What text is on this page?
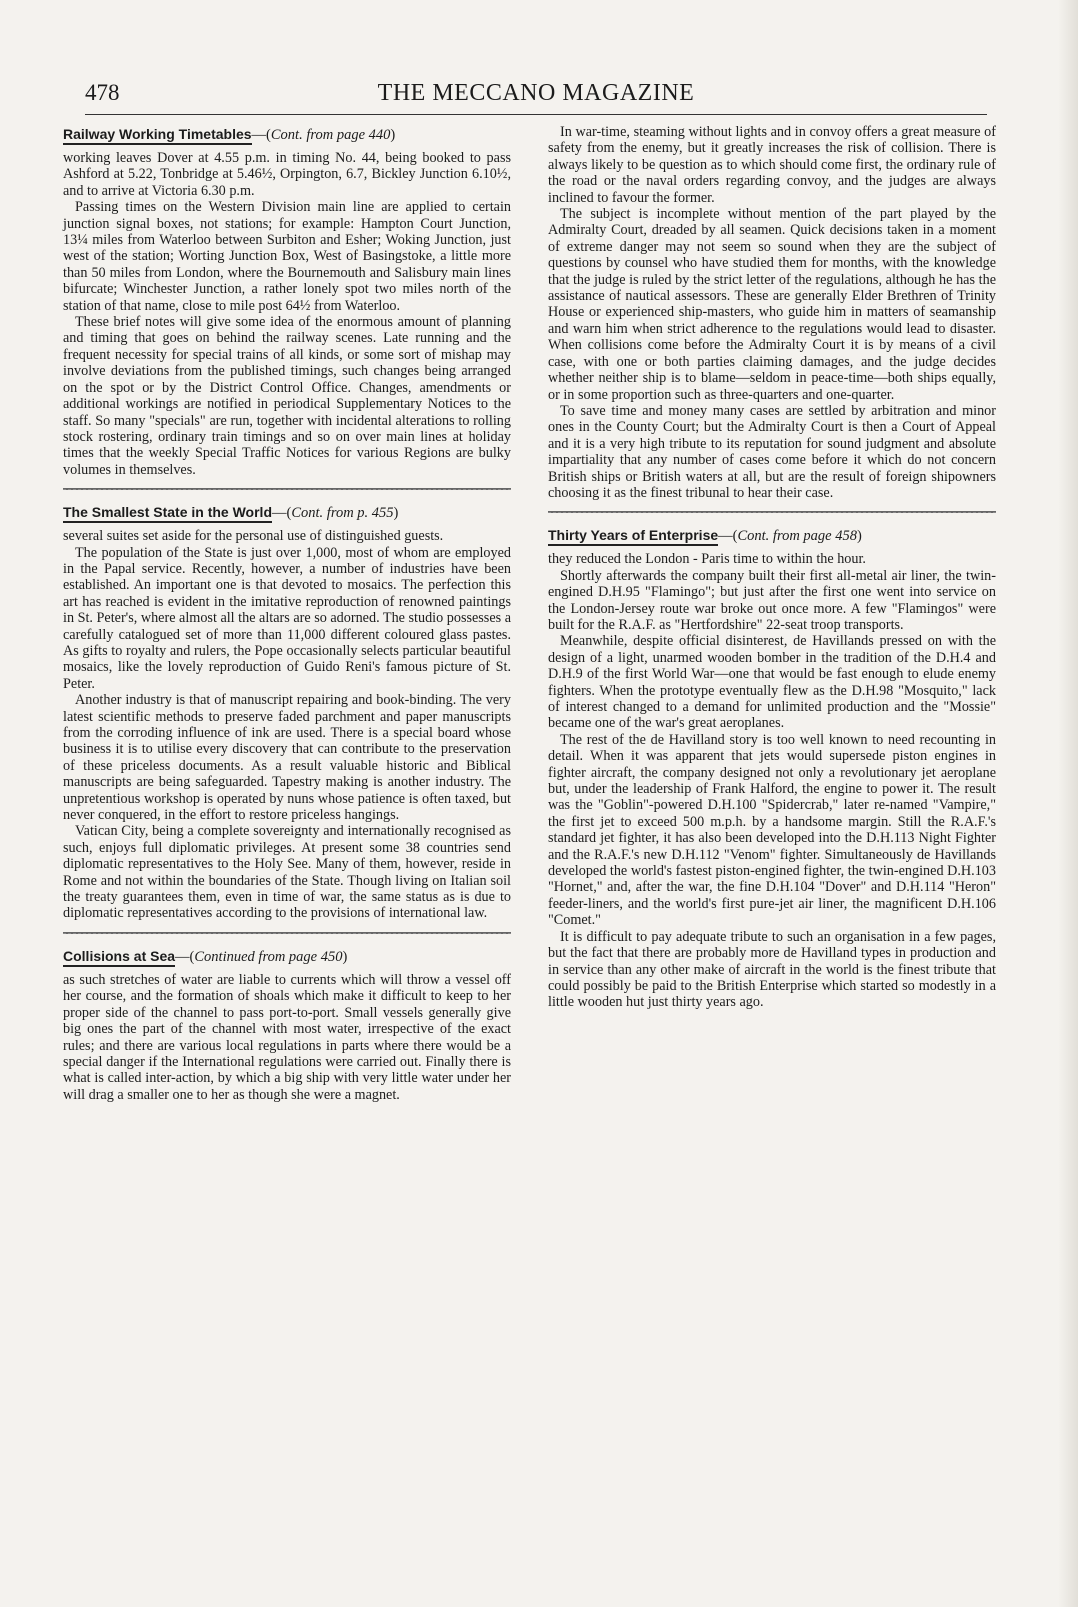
478	THE MECCANO MAGAZINE
Railway Working Timetables—(Cont. from page 440)

working leaves Dover at 4.55 p.m. in timing No. 44, being booked to pass Ashford at 5.22, Tonbridge at 5.46½, Orpington, 6.7, Bickley Junction 6.10½, and to arrive at Victoria 6.30 p.m.

Passing times on the Western Division main line are applied to certain junction signal boxes, not stations; for example: Hampton Court Junction, 13¼ miles from Waterloo between Surbiton and Esher; Woking Junction, just west of the station; Worting Junction Box, West of Basingstoke, a little more than 50 miles from London, where the Bournemouth and Salisbury main lines bifurcate; Winchester Junction, a rather lonely spot two miles north of the station of that name, close to mile post 64½ from Waterloo.

These brief notes will give some idea of the enormous amount of planning and timing that goes on behind the railway scenes. Late running and the frequent necessity for special trains of all kinds, or some sort of mishap may involve deviations from the published timings, such changes being arranged on the spot or by the District Control Office. Changes, amendments or additional workings are notified in periodical Supplementary Notices to the staff. So many "specials" are run, together with incidental alterations to rolling stock rostering, ordinary train timings and so on over main lines at holiday times that the weekly Special Traffic Notices for various Regions are bulky volumes in themselves.

The Smallest State in the World—(Cont. from p. 455)

several suites set aside for the personal use of distinguished guests.

The population of the State is just over 1,000, most of whom are employed in the Papal service. Recently, however, a number of industries have been established. An important one is that devoted to mosaics. The perfection this art has reached is evident in the imitative reproduction of renowned paintings in St. Peter's, where almost all the altars are so adorned. The studio possesses a carefully catalogued set of more than 11,000 different coloured glass pastes. As gifts to royalty and rulers, the Pope occasionally selects particular beautiful mosaics, like the lovely reproduction of Guido Reni's famous picture of St. Peter.

Another industry is that of manuscript repairing and book-binding. The very latest scientific methods to preserve faded parchment and paper manuscripts from the corroding influence of ink are used. There is a special board whose business it is to utilise every discovery that can contribute to the preservation of these priceless documents. As a result valuable historic and Biblical manuscripts are being safeguarded. Tapestry making is another industry. The unpretentious workshop is operated by nuns whose patience is often taxed, but never conquered, in the effort to restore priceless hangings.

Vatican City, being a complete sovereignty and internationally recognised as such, enjoys full diplomatic privileges. At present some 38 countries send diplomatic representatives to the Holy See. Many of them, however, reside in Rome and not within the boundaries of the State. Though living on Italian soil the treaty guarantees them, even in time of war, the same status as is due to diplomatic representatives according to the provisions of international law.

Collisions at Sea—(Continued from page 450)

as such stretches of water are liable to currents which will throw a vessel off her course, and the formation of shoals which make it difficult to keep to her proper side of the channel to pass port-to-port. Small vessels generally give big ones the part of the channel with most water, irrespective of the exact rules; and there are various local regulations in parts where there would be a special danger if the International regulations were carried out. Finally there is what is called inter-action, by which a big ship with very little water under her will drag a smaller one to her as though she were a magnet.

In war-time, steaming without lights and in convoy offers a great measure of safety from the enemy, but it greatly increases the risk of collision. There is always likely to be question as to which should come first, the ordinary rule of the road or the naval orders regarding convoy, and the judges are always inclined to favour the former.

The subject is incomplete without mention of the part played by the Admiralty Court, dreaded by all seamen. Quick decisions taken in a moment of extreme danger may not seem so sound when they are the subject of questions by counsel who have studied them for months, with the knowledge that the judge is ruled by the strict letter of the regulations, although he has the assistance of nautical assessors. These are generally Elder Brethren of Trinity House or experienced ship-masters, who guide him in matters of seamanship and warn him when strict adherence to the regulations would lead to disaster. When collisions come before the Admiralty Court it is by means of a civil case, with one or both parties claiming damages, and the judge decides whether neither ship is to blame—seldom in peace-time—both ships equally, or in some proportion such as three-quarters and one-quarter.

To save time and money many cases are settled by arbitration and minor ones in the County Court; but the Admiralty Court is then a Court of Appeal and it is a very high tribute to its reputation for sound judgment and absolute impartiality that any number of cases come before it which do not concern British ships or British waters at all, but are the result of foreign shipowners choosing it as the finest tribunal to hear their case.

Thirty Years of Enterprise—(Cont. from page 458)

they reduced the London - Paris time to within the hour.

Shortly afterwards the company built their first all-metal air liner, the twin-engined D.H.95 "Flamingo"; but just after the first one went into service on the London-Jersey route war broke out once more. A few "Flamingos" were built for the R.A.F. as "Hertfordshire" 22-seat troop transports.

Meanwhile, despite official disinterest, de Havillands pressed on with the design of a light, unarmed wooden bomber in the tradition of the D.H.4 and D.H.9 of the first World War—one that would be fast enough to elude enemy fighters. When the prototype eventually flew as the D.H.98 "Mosquito," lack of interest changed to a demand for unlimited production and the "Mossie" became one of the war's great aeroplanes.

The rest of the de Havilland story is too well known to need recounting in detail. When it was apparent that jets would supersede piston engines in fighter aircraft, the company designed not only a revolutionary jet aeroplane but, under the leadership of Frank Halford, the engine to power it. The result was the "Goblin"-powered D.H.100 "Spidercrab," later re-named "Vampire," the first jet to exceed 500 m.p.h. by a handsome margin. Still the R.A.F.'s standard jet fighter, it has also been developed into the D.H.113 Night Fighter and the R.A.F.'s new D.H.112 "Venom" fighter. Simultaneously de Havillands developed the world's fastest piston-engined fighter, the twin-engined D.H.103 "Hornet," and, after the war, the fine D.H.104 "Dover" and D.H.114 "Heron" feeder-liners, and the world's first pure-jet air liner, the magnificent D.H.106 "Comet."

It is difficult to pay adequate tribute to such an organisation in a few pages, but the fact that there are probably more de Havilland types in production and in service than any other make of aircraft in the world is the finest tribute that could possibly be paid to the British Enterprise which started so modestly in a little wooden hut just thirty years ago.
